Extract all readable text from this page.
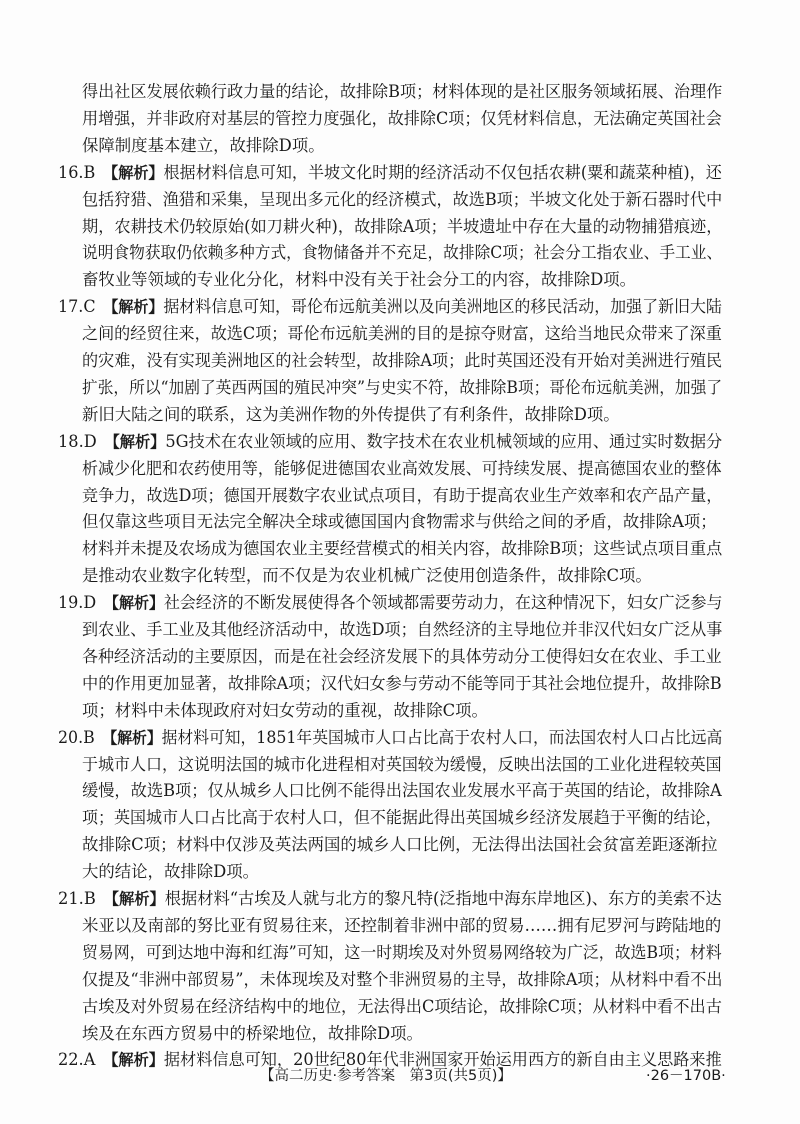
得出社区发展依赖行政力量的结论，故排除B项；材料体现的是社区服务领域拓展、治理作
用增强，并非政府对基层的管控力度强化，故排除C项；仅凭材料信息，无法确定英国社会
保障制度基本建立，故排除D项。
16.B 【解析】根据材料信息可知，半坡文化时期的经济活动不仅包括农耕(粟和蔬菜种植)，还
包括狩猎、渔猎和采集，呈现出多元化的经济模式，故选B项；半坡文化处于新石器时代中
期，农耕技术仍较原始(如刀耕火种)，故排除A项；半坡遗址中存在大量的动物捕猎痕迹，
说明食物获取仍依赖多种方式，食物储备并不充足，故排除C项；社会分工指农业、手工业、
畜牧业等领域的专业化分化，材料中没有关于社会分工的内容，故排除D项。
17.C 【解析】据材料信息可知，哥伦布远航美洲以及向美洲地区的移民活动，加强了新旧大陆
之间的经贸往来，故选C项；哥伦布远航美洲的目的是掠夺财富，这给当地民众带来了深重
的灾难，没有实现美洲地区的社会转型，故排除A项；此时英国还没有开始对美洲进行殖民
扩张，所以“加剧了英西两国的殖民冲突”与史实不符，故排除B项；哥伦布远航美洲，加强了
新旧大陆之间的联系，这为美洲作物的外传提供了有利条件，故排除D项。
18.D 【解析】5G技术在农业领域的应用、数字技术在农业机械领域的应用、通过实时数据分
析减少化肥和农药使用等，能够促进德国农业高效发展、可持续发展、提高德国农业的整体
竞争力，故选D项；德国开展数字农业试点项目，有助于提高农业生产效率和农产品产量，
但仅靠这些项目无法完全解决全球或德国国内食物需求与供给之间的矛盾，故排除A项；
材料并未提及农场成为德国农业主要经营模式的相关内容，故排除B项；这些试点项目重点
是推动农业数字化转型，而不仅是为农业机械广泛使用创造条件，故排除C项。
19.D 【解析】社会经济的不断发展使得各个领域都需要劳动力，在这种情况下，妇女广泛参与
到农业、手工业及其他经济活动中，故选D项；自然经济的主导地位并非汉代妇女广泛从事
各种经济活动的主要原因，而是在社会经济发展下的具体劳动分工使得妇女在农业、手工业
中的作用更加显著，故排除A项；汉代妇女参与劳动不能等同于其社会地位提升，故排除B
项；材料中未体现政府对妇女劳动的重视，故排除C项。
20.B 【解析】据材料可知，1851年英国城市人口占比高于农村人口，而法国农村人口占比远高
于城市人口，这说明法国的城市化进程相对英国较为缓慢，反映出法国的工业化进程较英国
缓慢，故选B项；仅从城乡人口比例不能得出法国农业发展水平高于英国的结论，故排除A
项；英国城市人口占比高于农村人口，但不能据此得出英国城乡经济发展趋于平衡的结论，
故排除C项；材料中仅涉及英法两国的城乡人口比例，无法得出法国社会贫富差距逐渐拉
大的结论，故排除D项。
21.B 【解析】根据材料“古埃及人就与北方的黎凡特(泛指地中海东岸地区)、东方的美索不达
米亚以及南部的努比亚有贸易往来，还控制着非洲中部的贸易……拥有尼罗河与跨陆地的
贸易网，可到达地中海和红海”可知，这一时期埃及对外贸易网络较为广泛，故选B项；材料
仅提及“非洲中部贸易”，未体现埃及对整个非洲贸易的主导，故排除A项；从材料中看不出
古埃及对外贸易在经济结构中的地位，无法得出C项结论，故排除C项；从材料中看不出古
埃及在东西方贸易中的桥梁地位，故排除D项。
22.A 【解析】据材料信息可知，20世纪80年代非洲国家开始运用西方的新自由主义思路来推
【高二历史·参考答案　第3页(共5页)】	·26－170B·
